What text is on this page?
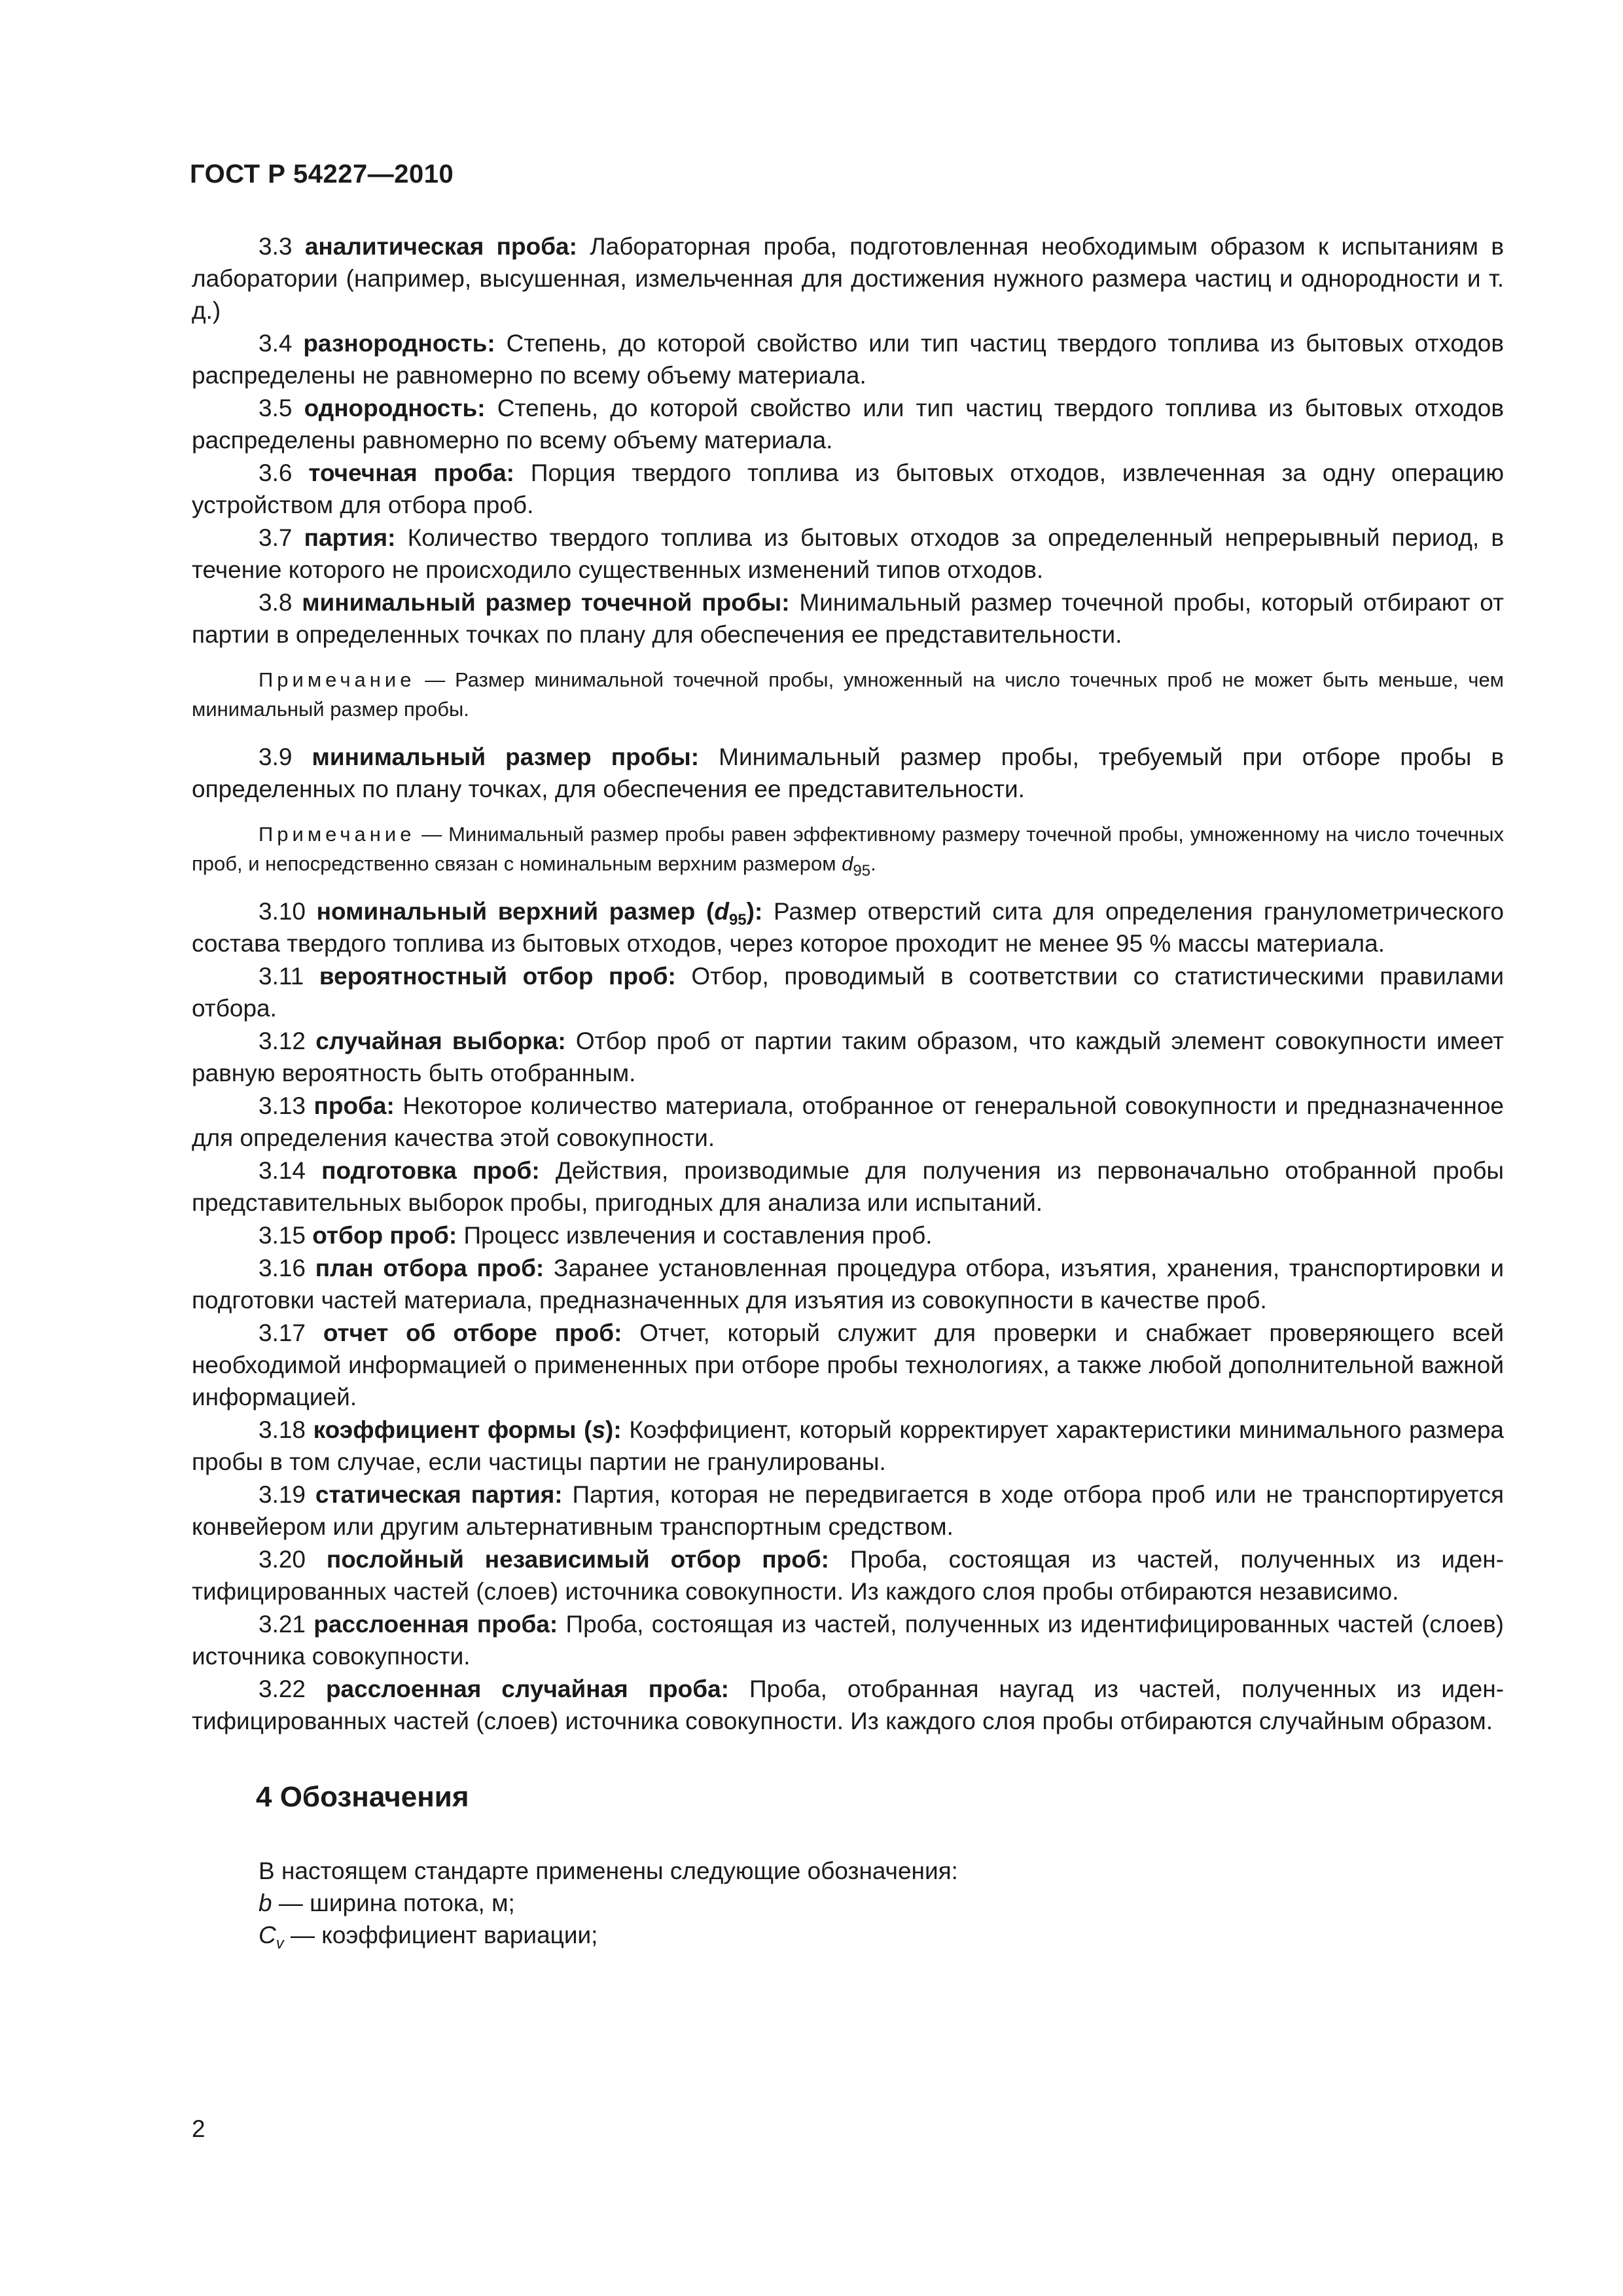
ГОСТ Р 54227—2010

3.3 аналитическая проба: Лабораторная проба, подготовленная необходимым образом к испытаниям в лаборатории (например, высушенная, измельченная для достижения нужного размера частиц и однородности и т. д.)

3.4 разнородность: Степень, до которой свойство или тип частиц твердого топлива из бытовых отходов распределены не равномерно по всему объему материала.

3.5 однородность: Степень, до которой свойство или тип частиц твердого топлива из бытовых отходов распределены равномерно по всему объему материала.

3.6 точечная проба: Порция твердого топлива из бытовых отходов, извлеченная за одну операцию устройством для отбора проб.

3.7 партия: Количество твердого топлива из бытовых отходов за определенный непрерывный период, в течение которого не происходило существенных изменений типов отходов.

3.8 минимальный размер точечной пробы: Минимальный размер точечной пробы, который отбирают от партии в определенных точках по плану для обеспечения ее представительности.

Примечание — Размер минимальной точечной пробы, умноженный на число точечных проб не может быть меньше, чем минимальный размер пробы.

3.9 минимальный размер пробы: Минимальный размер пробы, требуемый при отборе пробы в определенных по плану точках, для обеспечения ее представительности.

Примечание — Минимальный размер пробы равен эффективному размеру точечной пробы, умноженному на число точечных проб, и непосредственно связан с номинальным верхним размером $d_{95}$.

3.10 номинальный верхний размер $(d_{95})$: Размер отверстий сита для определения гранулометрического состава твердого топлива из бытовых отходов, через которое проходит не менее 95 % массы материала.

3.11 вероятностный отбор проб: Отбор, проводимый в соответствии со статистическими правилами отбора.

3.12 случайная выборка: Отбор проб от партии таким образом, что каждый элемент совокупности имеет равную вероятность быть отобранным.

3.13 проба: Некоторое количество материала, отобранное от генеральной совокупности и предназначенное для определения качества этой совокупности.

3.14 подготовка проб: Действия, производимые для получения из первоначально отобранной пробы представительных выборок пробы, пригодных для анализа или испытаний.

3.15 отбор проб: Процесс извлечения и составления проб.

3.16 план отбора проб: Заранее установленная процедура отбора, изъятия, хранения, транспортировки и подготовки частей материала, предназначенных для изъятия из совокупности в качестве проб.

3.17 отчет об отборе проб: Отчет, который служит для проверки и снабжает проверяющего всей необходимой информацией о примененных при отборе пробы технологиях, а также любой дополнительной важной информацией.

3.18 коэффициент формы (s): Коэффициент, который корректирует характеристики минимального размера пробы в том случае, если частицы партии не гранулированы.

3.19 статическая партия: Партия, которая не передвигается в ходе отбора проб или не транспортируется конвейером или другим альтернативным транспортным средством.

3.20 послойный независимый отбор проб: Проба, состоящая из частей, полученных из идентифицированных частей (слоев) источника совокупности. Из каждого слоя пробы отбираются независимо.

3.21 расслоенная проба: Проба, состоящая из частей, полученных из идентифицированных частей (слоев) источника совокупности.

3.22 расслоенная случайная проба: Проба, отобранная наугад из частей, полученных из идентифицированных частей (слоев) источника совокупности. Из каждого слоя пробы отбираются случайным образом.

4 Обозначения
В настоящем стандарте применены следующие обозначения:
b — ширина потока, м;
$C_v$ — коэффициент вариации;
2
